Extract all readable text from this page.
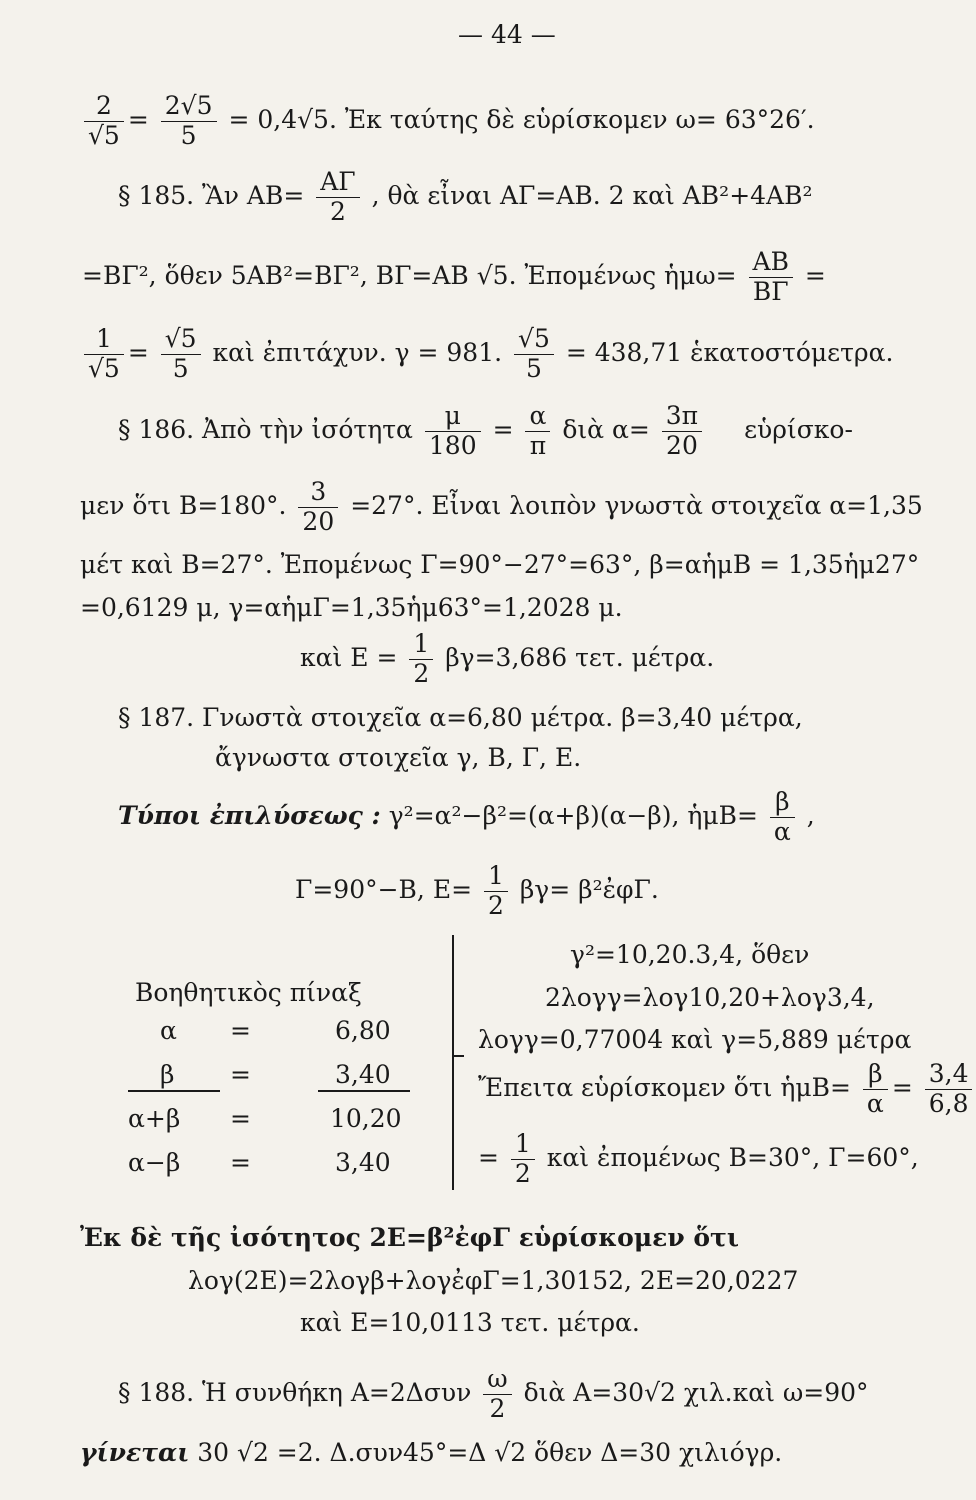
— 44 —
$\frac{2}{√5} = \frac{2√5}{5} = 0,4√5$. Ἐκ ταύτης δὲ εὑρίσκομεν ω= 63°26′.
§ 185. Ἂν $AB= \frac{A\Gamma}{2}$ , θὰ εἶναι ΑΓ=ΑΒ. 2 καὶ ΑΒ²+4ΑΒ²
=ΒΓ², ὅθεν 5ΑΒ²=ΒΓ², ΒΓ=ΑΒ √5. Ἐπομένως ἡμω= $\frac{AB}{B\Gamma}$ =
$\frac{1}{√5} = \frac{√5}{5}$ καὶ ἐπιτάχυν. γ = 981. $\frac{√5}{5} = 438,71$ ἑκατοστόμετρα.
§ 186. Ἀπὸ τὴν ἰσότητα $\frac{\mu}{180} = \frac{\alpha}{\pi}$ διὰ $\alpha= \frac{3\pi}{20}$ εὑρίσκο-
μεν ὅτι Β=180°. $\frac{3}{20} =27^\circ$. Εἶναι λοιπὸν γνωστὰ στοιχεῖα α=1,35
μέτ καὶ Β=27°. Ἐπομένως Γ=90°−27°=63°, β=αἡμΒ = 1,35ἡμ27°
=0,6129 μ, γ=αἡμΓ=1,35ἡμ63°=1,2028 μ.
καὶ $E = \frac{1}{2} \beta\gamma=3,686$ τετ. μέτρα.
§ 187. Γνωστὰ στοιχεῖα α=6,80 μέτρα. β=3,40 μέτρα,
ἄγνωστα στοιχεῖα γ, Β, Γ, Ε.
Τύποι ἐπιλύσεως : γ²=α²−β²=(α+β)(α−β), ἡμΒ= $\frac{\beta}{\alpha}$ ,
Γ=90°−Β, $E= \frac{1}{2} \beta\gamma=$ β²ἐφΓ.
Βοηθητικὸς πίναξ
α =	6,80
β =	3,40
α+β =	10,20
α−β =	3,40
γ²=10,20.3,4, ὅθεν
2λογγ=λογ10,20+λογ3,4,
λογγ=0,77004 καὶ γ=5,889 μέτρα
Ἔπειτα εὑρίσκομεν ὅτι ἡμΒ= $\frac{\beta}{\alpha} = \frac{3,4}{6,8}$
= $\frac{1}{2}$ καὶ ἐπομένως Β=30°, Γ=60°,
Ἐκ δὲ τῆς ἰσότητος 2Ε=β²ἐφΓ εὑρίσκομεν ὅτι
λογ(2Ε)=2λογβ+λογἐφΓ=1,30152, 2Ε=20,0227
καὶ Ε=10,0113 τετ. μέτρα.
§ 188. Ἡ συνθήκη $A=2\Delta\sigma\upsilon\nu \frac{\omega}{2}$ διὰ Α=30√2 χιλ.καὶ ω=90°
γίνεται 30 √2 =2. Δ.συν45°=Δ √2 ὅθεν Δ=30 χιλιόγρ.
